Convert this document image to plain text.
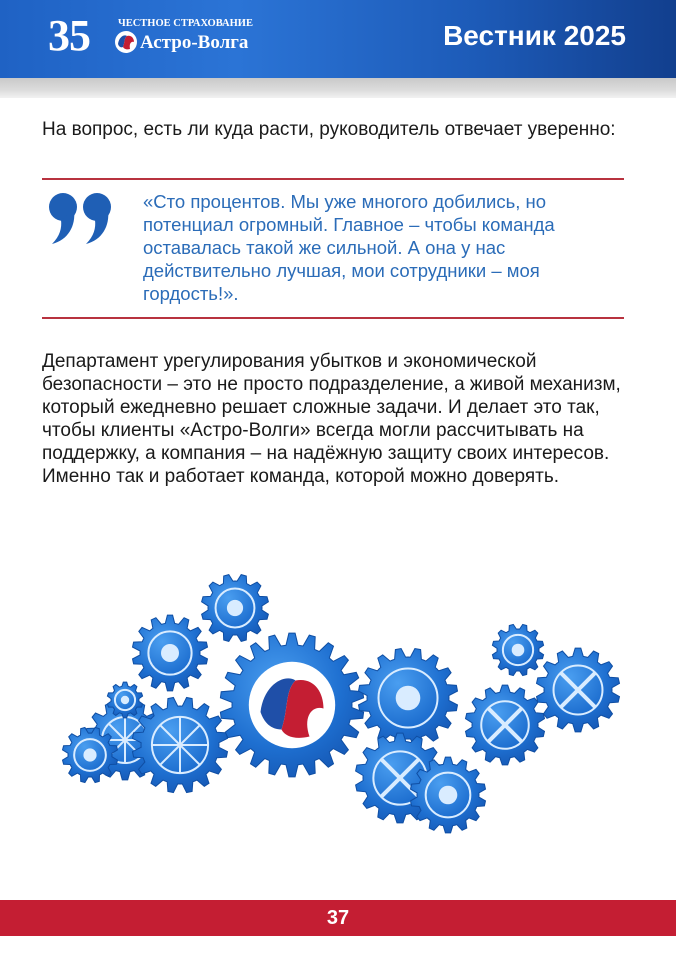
35	ЧЕСТНОЕ СТРАХОВАНИЕ
Астро-Волга	Вестник 2025

На вопрос, есть ли куда расти, руководитель отвечает уверенно:

«Сто процентов. Мы уже многого добились, но потенциал огромный. Главное – чтобы команда оставалась такой же сильной. А она у нас действительно лучшая, мои сотрудники – моя гордость!».

Департамент урегулирования убытков и экономической безопасности – это не просто подразделение, а живой механизм, который ежедневно решает сложные задачи. И делает это так, чтобы клиенты «Астро-Волги» всегда могли рассчитывать на поддержку, а компания – на надёжную защиту своих интересов. Именно так и работает команда, которой можно доверять.

37
